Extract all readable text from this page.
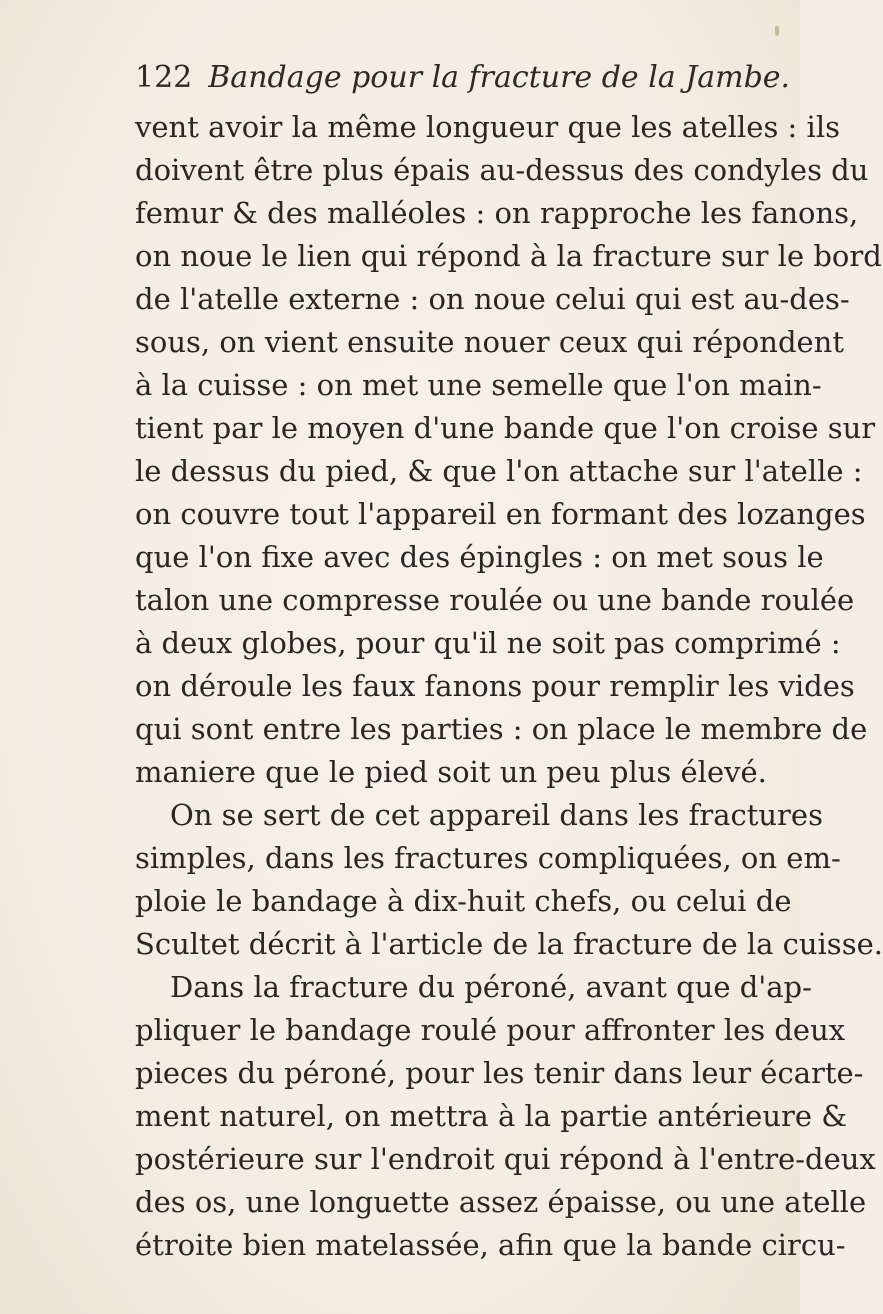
122 Bandage pour la fracture de la Jambe.
vent avoir la même longueur que les atelles : ils
doivent être plus épais au-dessus des condyles du
femur & des malléoles : on rapproche les fanons,
on noue le lien qui répond à la fracture sur le bord
de l'atelle externe : on noue celui qui est au-des-
sous, on vient ensuite nouer ceux qui répondent
à la cuisse : on met une semelle que l'on main-
tient par le moyen d'une bande que l'on croise sur
le dessus du pied, & que l'on attache sur l'atelle :
on couvre tout l'appareil en formant des lozanges
que l'on fixe avec des épingles : on met sous le
talon une compresse roulée ou une bande roulée
à deux globes, pour qu'il ne soit pas comprimé :
on déroule les faux fanons pour remplir les vides
qui sont entre les parties : on place le membre de
maniere que le pied soit un peu plus élevé.
On se sert de cet appareil dans les fractures
simples, dans les fractures compliquées, on em-
ploie le bandage à dix-huit chefs, ou celui de
Scultet décrit à l'article de la fracture de la cuisse.
Dans la fracture du péroné, avant que d'ap-
pliquer le bandage roulé pour affronter les deux
pieces du péroné, pour les tenir dans leur écarte-
ment naturel, on mettra à la partie antérieure &
postérieure sur l'endroit qui répond à l'entre-deux
des os, une longuette assez épaisse, ou une atelle
étroite bien matelassée, afin que la bande circu-
